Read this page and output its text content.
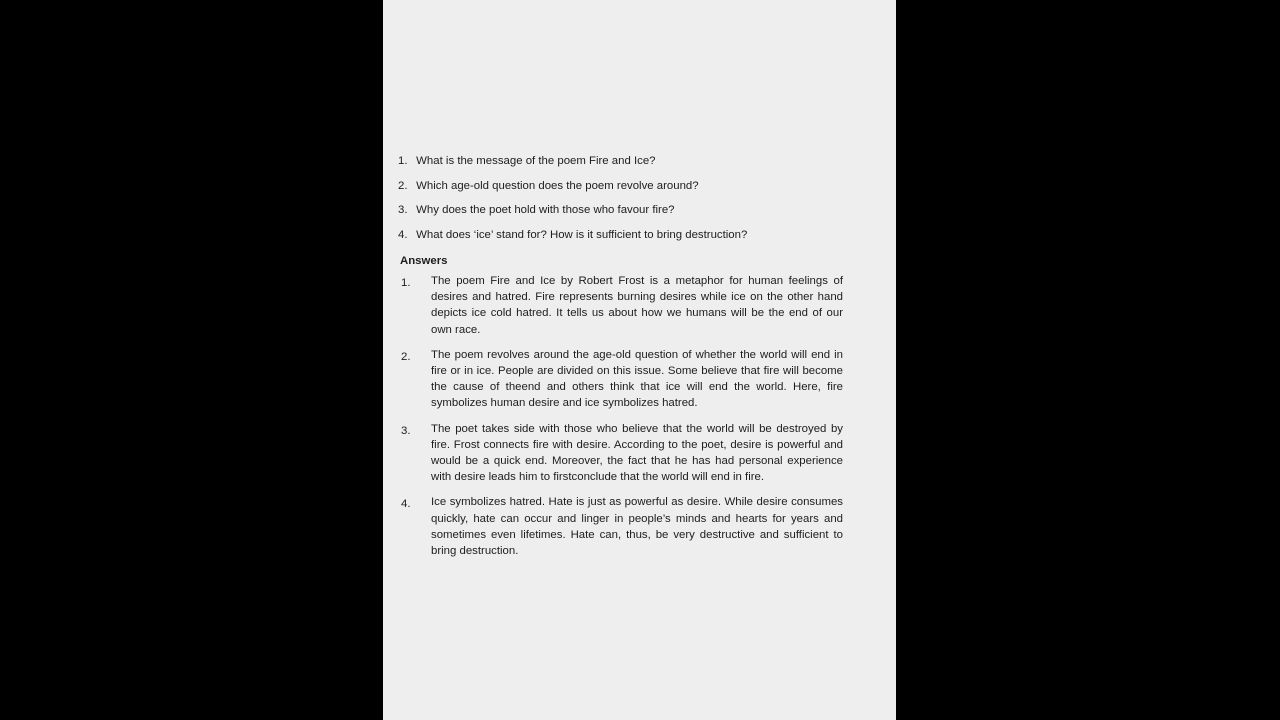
1. What is the message of the poem Fire and Ice?
2. Which age-old question does the poem revolve around?
3. Why does the poet hold with those who favour fire?
4. What does ‘ice’ stand for? How is it sufficient to bring destruction?
Answers
1.	The poem Fire and Ice by Robert Frost is a metaphor for human feelings of desires and hatred. Fire represents burning desires while ice on the other hand depicts ice cold hatred. It tells us about how we humans will be the end of our own race.
2.	The poem revolves around the age-old question of whether the world will end in fire or in ice. People are divided on this issue. Some believe that fire will become the cause of theend and others think that ice will end the world. Here, fire symbolizes human desire and ice symbolizes hatred.
3.	The poet takes side with those who believe that the world will be destroyed by fire. Frost connects fire with desire. According to the poet, desire is powerful and would be a quick end. Moreover, the fact that he has had personal experience with desire leads him to firstconclude that the world will end in fire.
4.	Ice symbolizes hatred. Hate is just as powerful as desire. While desire consumes quickly, hate can occur and linger in people’s minds and hearts for years and sometimes even lifetimes. Hate can, thus, be very destructive and sufficient to bring destruction.
